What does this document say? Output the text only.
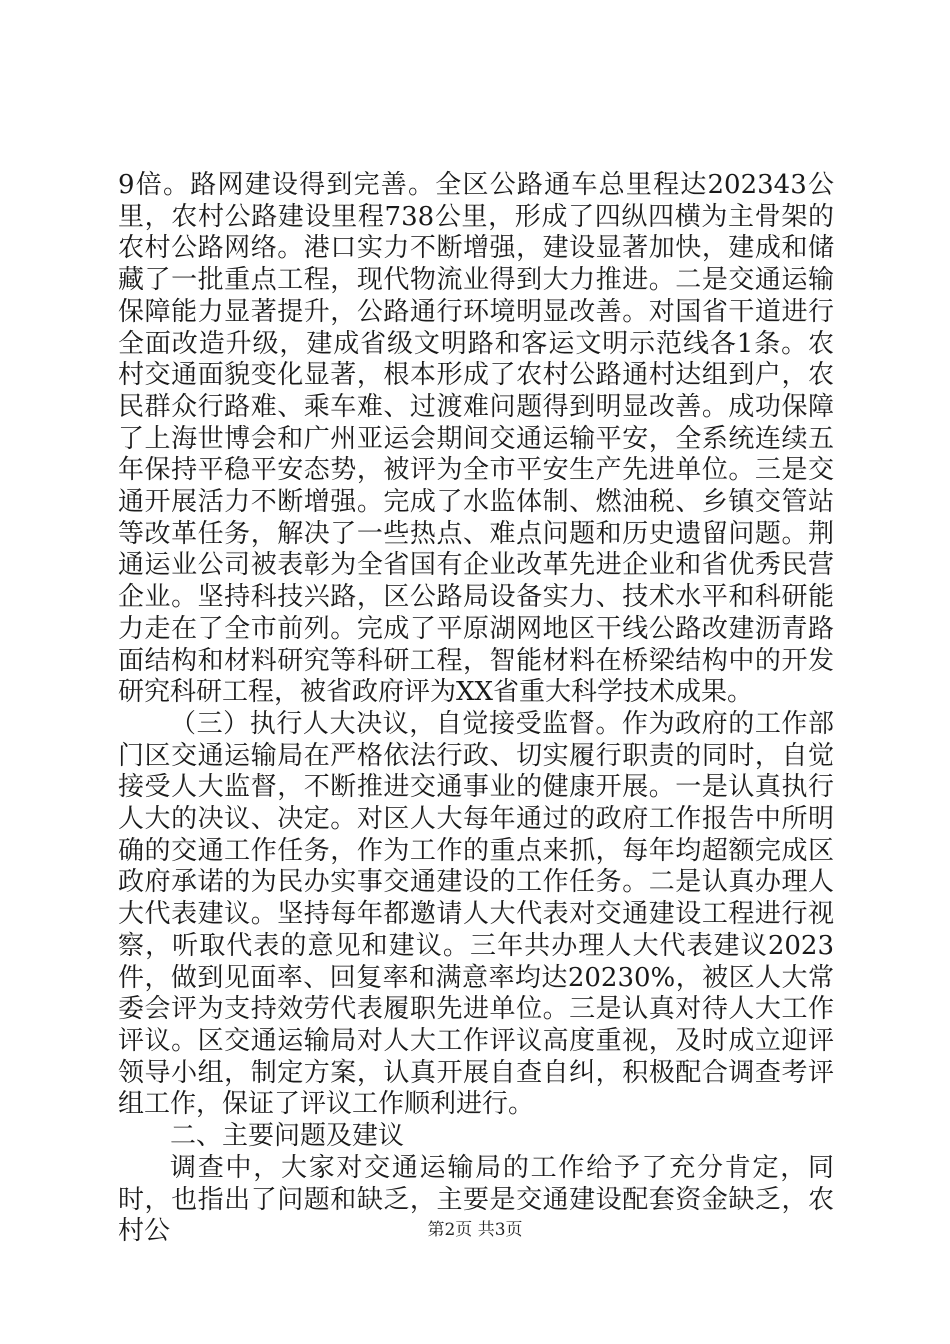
9倍。路网建设得到完善。全区公路通车总里程达202343公里，农村公路建设里程738公里，形成了四纵四横为主骨架的农村公路网络。港口实力不断增强，建设显著加快，建成和储藏了一批重点工程，现代物流业得到大力推进。二是交通运输保障能力显著提升，公路通行环境明显改善。对国省干道进行全面改造升级，建成省级文明路和客运文明示范线各1条。农村交通面貌变化显著，根本形成了农村公路通村达组到户，农民群众行路难、乘车难、过渡难问题得到明显改善。成功保障了上海世博会和广州亚运会期间交通运输平安，全系统连续五年保持平稳平安态势，被评为全市平安生产先进单位。三是交通开展活力不断增强。完成了水监体制、燃油税、乡镇交管站等改革任务，解决了一些热点、难点问题和历史遗留问题。荆通运业公司被表彰为全省国有企业改革先进企业和省优秀民营企业。坚持科技兴路，区公路局设备实力、技术水平和科研能力走在了全市前列。完成了平原湖网地区干线公路改建沥青路面结构和材料研究等科研工程，智能材料在桥梁结构中的开发研究科研工程，被省政府评为XX省重大科学技术成果。

（三）执行人大决议，自觉接受监督。作为政府的工作部门区交通运输局在严格依法行政、切实履行职责的同时，自觉接受人大监督，不断推进交通事业的健康开展。一是认真执行人大的决议、决定。对区人大每年通过的政府工作报告中所明确的交通工作任务，作为工作的重点来抓，每年均超额完成区政府承诺的为民办实事交通建设的工作任务。二是认真办理人大代表建议。坚持每年都邀请人大代表对交通建设工程进行视察，听取代表的意见和建议。三年共办理人大代表建议2023件，做到见面率、回复率和满意率均达20230%，被区人大常委会评为支持效劳代表履职先进单位。三是认真对待人大工作评议。区交通运输局对人大工作评议高度重视，及时成立迎评领导小组，制定方案，认真开展自查自纠，积极配合调查考评组工作，保证了评议工作顺利进行。

二、主要问题及建议

调查中，大家对交通运输局的工作给予了充分肯定，同时，也指出了问题和缺乏，主要是交通建设配套资金缺乏，农村公	第2页 共3页
